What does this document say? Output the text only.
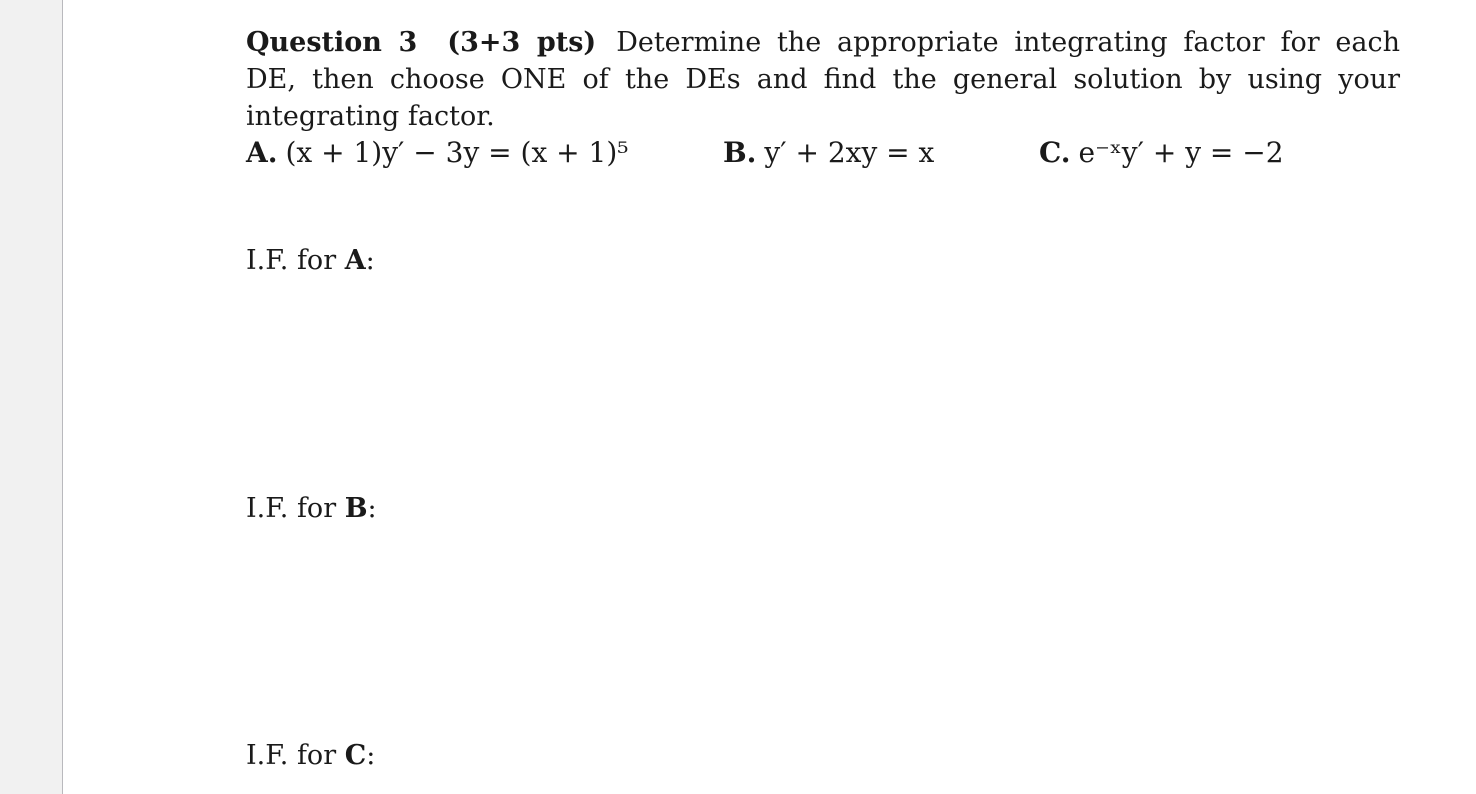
Question 3 (3+3 pts) Determine the appropriate integrating factor for each DE, then choose ONE of the DEs and find the general solution by using your integrating factor.
A. (x + 1)y′ − 3y = (x + 1)⁵	B. y′ + 2xy = x	C. e⁻ˣy′ + y = −2
I.F. for A:
I.F. for B:
I.F. for C:
